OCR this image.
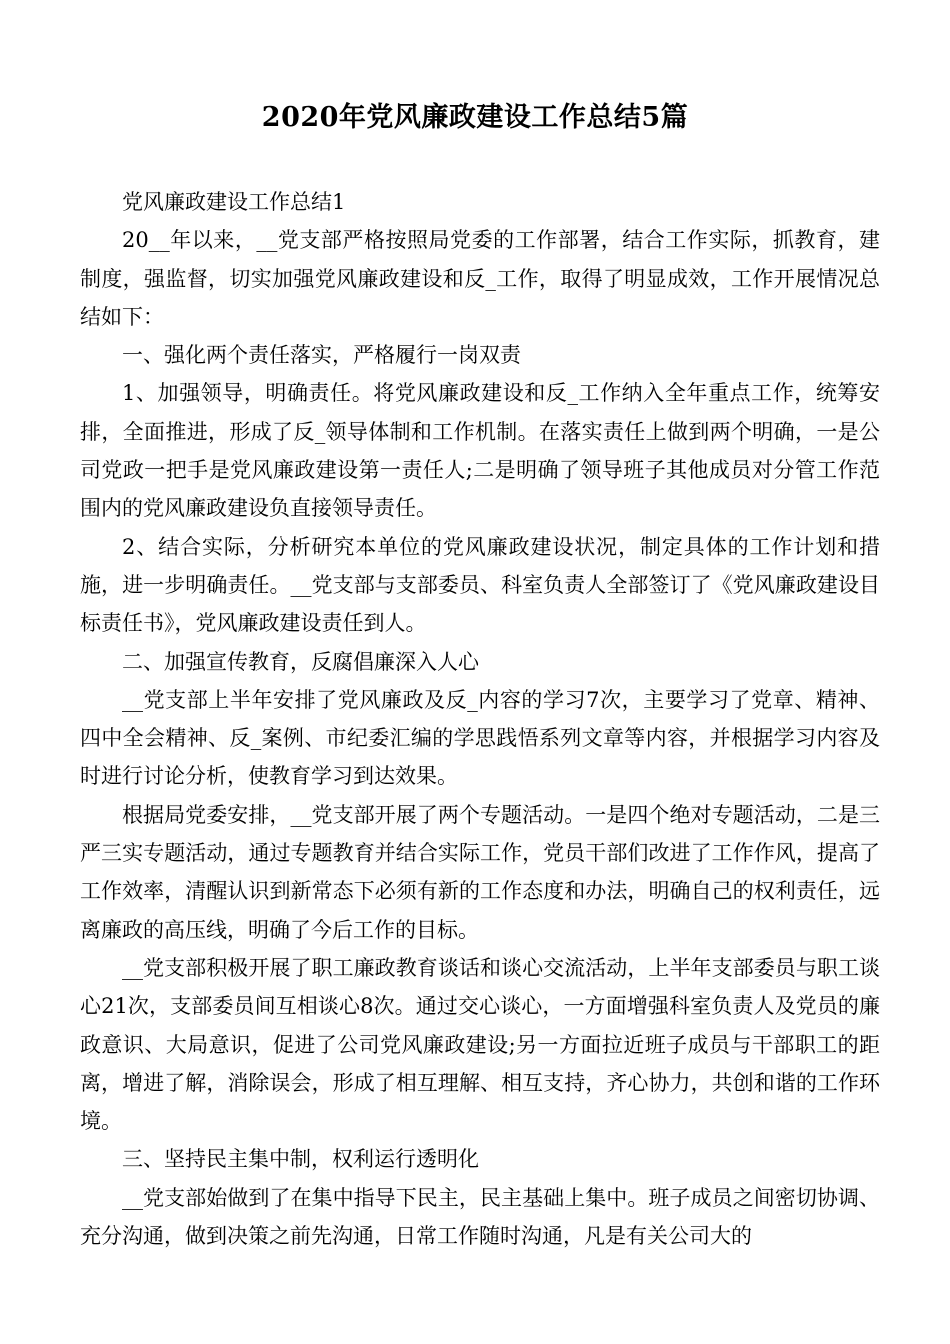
2020年党风廉政建设工作总结5篇

党风廉政建设工作总结1

20__年以来，__党支部严格按照局党委的工作部署，结合工作实际，抓教育，建制度，强监督，切实加强党风廉政建设和反_工作，取得了明显成效，工作开展情况总结如下：

一、强化两个责任落实，严格履行一岗双责

1、加强领导，明确责任。将党风廉政建设和反_工作纳入全年重点工作，统筹安排，全面推进，形成了反_领导体制和工作机制。在落实责任上做到两个明确，一是公司党政一把手是党风廉政建设第一责任人;二是明确了领导班子其他成员对分管工作范围内的党风廉政建设负直接领导责任。

2、结合实际，分析研究本单位的党风廉政建设状况，制定具体的工作计划和措施，进一步明确责任。__党支部与支部委员、科室负责人全部签订了《党风廉政建设目标责任书》，党风廉政建设责任到人。

二、加强宣传教育，反腐倡廉深入人心

__党支部上半年安排了党风廉政及反_内容的学习7次，主要学习了党章、精神、四中全会精神、反_案例、市纪委汇编的学思践悟系列文章等内容，并根据学习内容及时进行讨论分析，使教育学习到达效果。

根据局党委安排，__党支部开展了两个专题活动。一是四个绝对专题活动，二是三严三实专题活动，通过专题教育并结合实际工作，党员干部们改进了工作作风，提高了工作效率，清醒认识到新常态下必须有新的工作态度和办法，明确自己的权利责任，远离廉政的高压线，明确了今后工作的目标。

__党支部积极开展了职工廉政教育谈话和谈心交流活动，上半年支部委员与职工谈心21次，支部委员间互相谈心8次。通过交心谈心，一方面增强科室负责人及党员的廉政意识、大局意识，促进了公司党风廉政建设;另一方面拉近班子成员与干部职工的距离，增进了解，消除误会，形成了相互理解、相互支持，齐心协力，共创和谐的工作环境。

三、坚持民主集中制，权利运行透明化

__党支部始做到了在集中指导下民主，民主基础上集中。班子成员之间密切协调、充分沟通，做到决策之前先沟通，日常工作随时沟通，凡是有关公司大的
